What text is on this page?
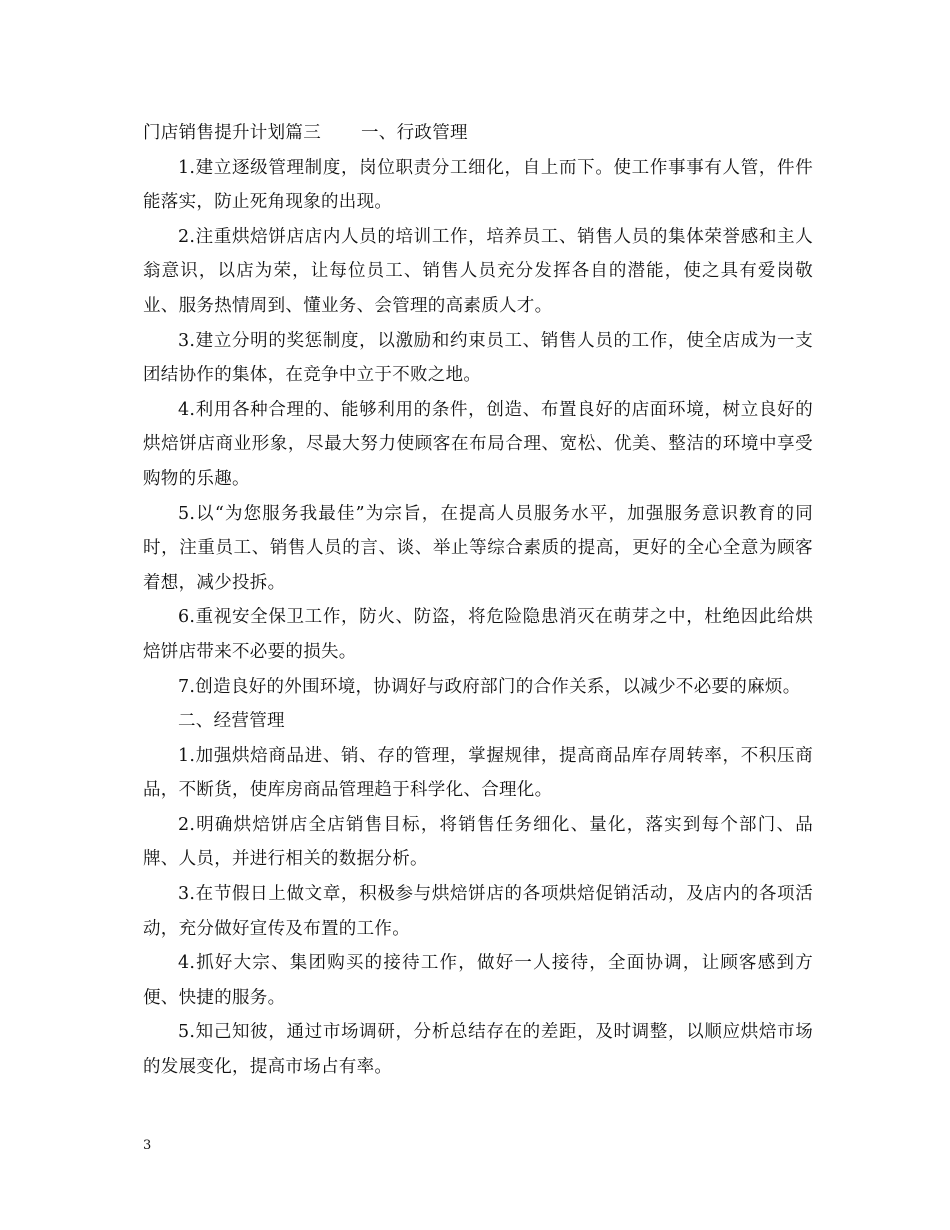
门店销售提升计划篇三 一、行政管理

1.建立逐级管理制度，岗位职责分工细化，自上而下。使工作事事有人管，件件能落实，防止死角现象的出现。

2.注重烘焙饼店店内人员的培训工作，培养员工、销售人员的集体荣誉感和主人翁意识，以店为荣，让每位员工、销售人员充分发挥各自的潜能，使之具有爱岗敬业、服务热情周到、懂业务、会管理的高素质人才。

3.建立分明的奖惩制度，以激励和约束员工、销售人员的工作，使全店成为一支团结协作的集体，在竞争中立于不败之地。

4.利用各种合理的、能够利用的条件，创造、布置良好的店面环境，树立良好的烘焙饼店商业形象，尽最大努力使顾客在布局合理、宽松、优美、整洁的环境中享受购物的乐趣。

5.以“为您服务我最佳”为宗旨，在提高人员服务水平，加强服务意识教育的同时，注重员工、销售人员的言、谈、举止等综合素质的提高，更好的全心全意为顾客着想，减少投拆。

6.重视安全保卫工作，防火、防盗，将危险隐患消灭在萌芽之中，杜绝因此给烘焙饼店带来不必要的损失。

7.创造良好的外围环境，协调好与政府部门的合作关系，以减少不必要的麻烦。

二、经营管理

1.加强烘焙商品进、销、存的管理，掌握规律，提高商品库存周转率，不积压商品，不断货，使库房商品管理趋于科学化、合理化。

2.明确烘焙饼店全店销售目标，将销售任务细化、量化，落实到每个部门、品牌、人员，并进行相关的数据分析。

3.在节假日上做文章，积极参与烘焙饼店的各项烘焙促销活动，及店内的各项活动，充分做好宣传及布置的工作。

4.抓好大宗、集团购买的接待工作，做好一人接待，全面协调，让顾客感到方便、快捷的服务。

5.知己知彼，通过市场调研，分析总结存在的差距，及时调整，以顺应烘焙市场的发展变化，提高市场占有率。

3
